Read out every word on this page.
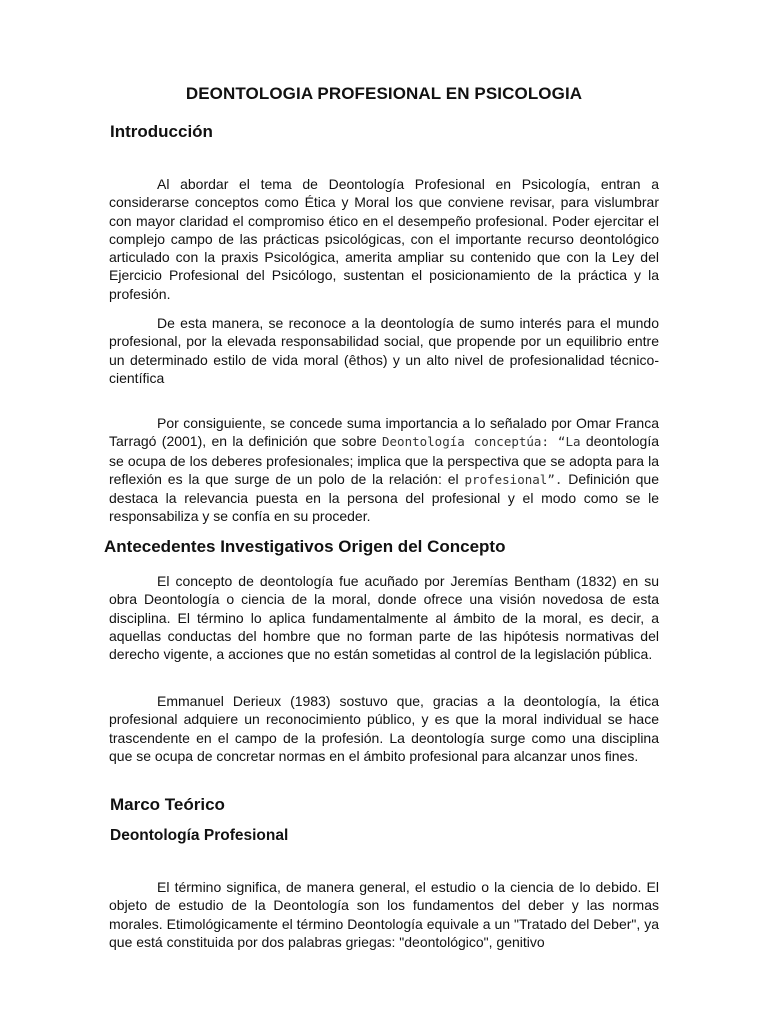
DEONTOLOGIA PROFESIONAL EN PSICOLOGIA
Introducción

Al abordar el tema de Deontología Profesional en Psicología, entran a considerarse conceptos como Ética y Moral los que conviene revisar, para vislumbrar con mayor claridad el compromiso ético en el desempeño profesional. Poder ejercitar el complejo campo de las prácticas psicológicas, con el importante recurso deontológico articulado con la praxis Psicológica, amerita ampliar su contenido que con la Ley del Ejercicio Profesional del Psicólogo, sustentan el posicionamiento de la práctica y la profesión.

De esta manera, se reconoce a la deontología de sumo interés para el mundo profesional, por la elevada responsabilidad social, que propende por un equilibrio entre un determinado estilo de vida moral (êthos) y un alto nivel de profesionalidad técnico- científica

Por consiguiente, se concede suma importancia a lo señalado por Omar Franca Tarragó (2001), en la definición que sobre Deontología conceptúa: “La deontología se ocupa de los deberes profesionales; implica que la perspectiva que se adopta para la reflexión es la que surge de un polo de la relación: el profesional”. Definición que destaca la relevancia puesta en la persona del profesional y el modo como se le responsabiliza y se confía en su proceder.

Antecedentes Investigativos Origen del Concepto

El concepto de deontología fue acuñado por Jeremías Bentham (1832) en su obra Deontología o ciencia de la moral, donde ofrece una visión novedosa de esta disciplina. El término lo aplica fundamentalmente al ámbito de la moral, es decir, a aquellas conductas del hombre que no forman parte de las hipótesis normativas del derecho vigente, a acciones que no están sometidas al control de la legislación pública.

Emmanuel Derieux (1983) sostuvo que, gracias a la deontología, la ética profesional adquiere un reconocimiento público, y es que la moral individual se hace trascendente en el campo de la profesión. La deontología surge como una disciplina que se ocupa de concretar normas en el ámbito profesional para alcanzar unos fines.

Marco Teórico
Deontología Profesional

El término significa, de manera general, el estudio o la ciencia de lo debido. El objeto de estudio de la Deontología son los fundamentos del deber y las normas morales. Etimológicamente el término Deontología equivale a un "Tratado del Deber", ya que está constituida por dos palabras griegas: "deontológico", genitivo
